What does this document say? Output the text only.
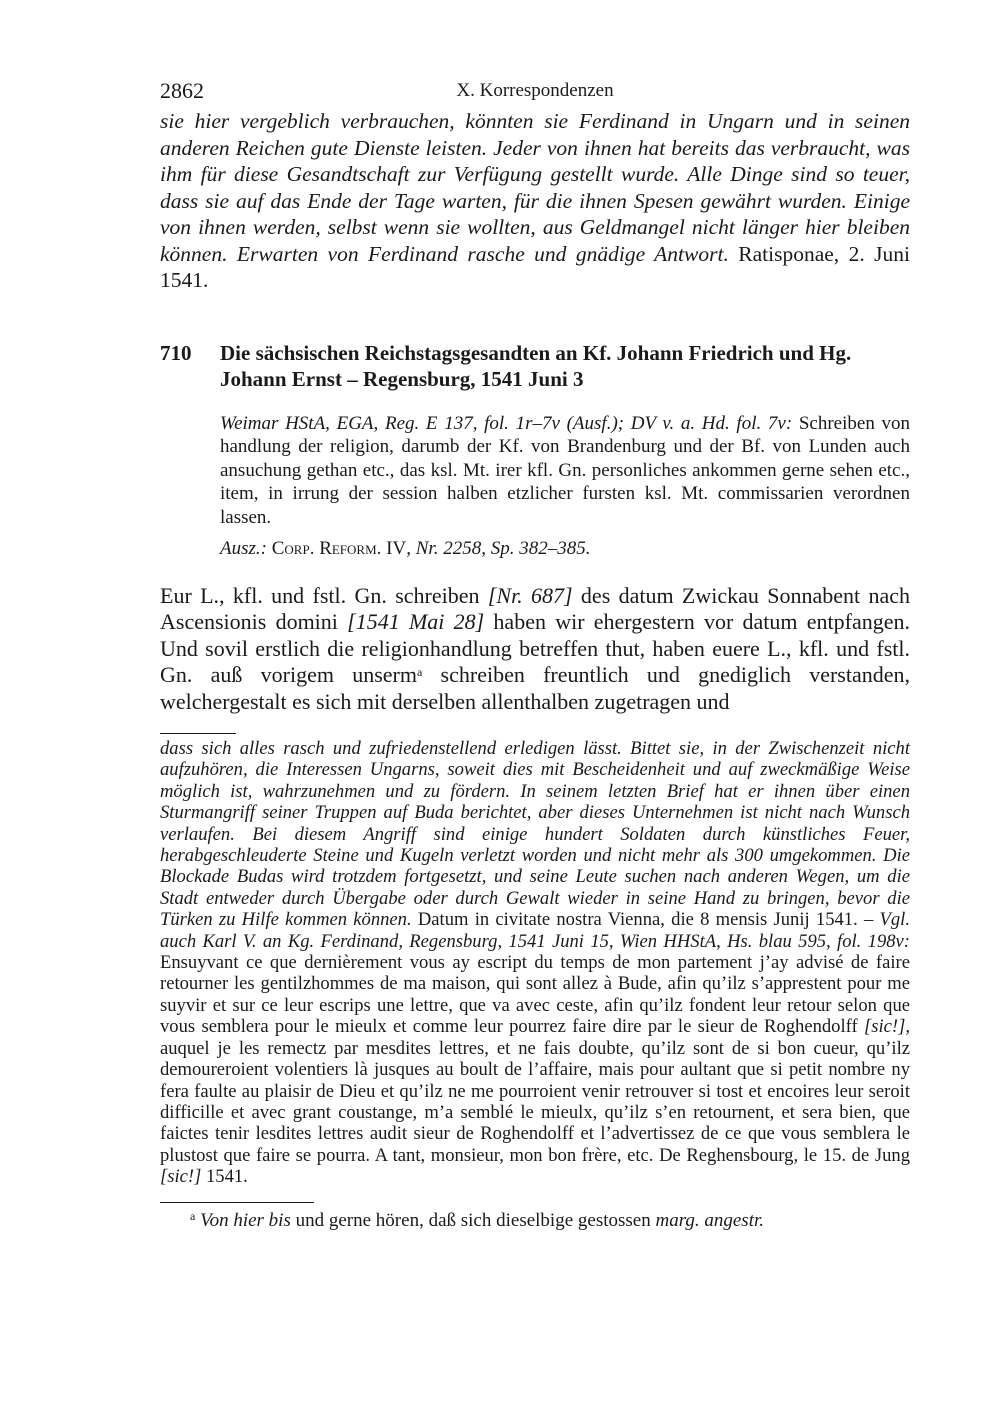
2862	X. Korrespondenzen

sie hier vergeblich verbrauchen, könnten sie Ferdinand in Ungarn und in seinen anderen Reichen gute Dienste leisten. Jeder von ihnen hat bereits das verbraucht, was ihm für diese Gesandtschaft zur Verfügung gestellt wurde. Alle Dinge sind so teuer, dass sie auf das Ende der Tage warten, für die ihnen Spesen gewährt wurden. Einige von ihnen werden, selbst wenn sie wollten, aus Geldmangel nicht länger hier bleiben können. Erwarten von Ferdinand rasche und gnädige Antwort. Ratisponae, 2. Juni 1541.

710	Die sächsischen Reichstagsgesandten an Kf. Johann Friedrich und Hg. Johann Ernst – Regensburg, 1541 Juni 3

Weimar HStA, EGA, Reg. E 137, fol. 1r–7v (Ausf.); DV v. a. Hd. fol. 7v: Schreiben von handlung der religion, darumb der Kf. von Brandenburg und der Bf. von Lunden auch ansuchung gethan etc., das ksl. Mt. irer kfl. Gn. personliches ankommen gerne sehen etc., item, in irrung der session halben etzlicher fursten ksl. Mt. commissarien verordnen lassen.

Ausz.: Corp. Reform. IV, Nr. 2258, Sp. 382–385.

Eur L., kfl. und fstl. Gn. schreiben [Nr. 687] des datum Zwickau Sonnabent nach Ascensionis domini [1541 Mai 28] haben wir ehergestern vor datum entpfangen. Und sovil erstlich die religionhandlung betreffen thut, haben euere L., kfl. und fstl. Gn. auß vorigem unserm$^a$ schreiben freuntlich und gnediglich verstanden, welchergestalt es sich mit derselben allenthalben zugetragen und

dass sich alles rasch und zufriedenstellend erledigen lässt. Bittet sie, in der Zwischenzeit nicht aufzuhören, die Interessen Ungarns, soweit dies mit Bescheidenheit und auf zweckmäßige Weise möglich ist, wahrzunehmen und zu fördern. In seinem letzten Brief hat er ihnen über einen Sturmangriff seiner Truppen auf Buda berichtet, aber dieses Unternehmen ist nicht nach Wunsch verlaufen. Bei diesem Angriff sind einige hundert Soldaten durch künstliches Feuer, herabgeschleuderte Steine und Kugeln verletzt worden und nicht mehr als 300 umgekommen. Die Blockade Budas wird trotzdem fortgesetzt, und seine Leute suchen nach anderen Wegen, um die Stadt entweder durch Übergabe oder durch Gewalt wieder in seine Hand zu bringen, bevor die Türken zu Hilfe kommen können. Datum in civitate nostra Vienna, die 8 mensis Junij 1541. – Vgl. auch Karl V. an Kg. Ferdinand, Regensburg, 1541 Juni 15, Wien HHStA, Hs. blau 595, fol. 198v: Ensuyvant ce que dernièrement vous ay escript du temps de mon partement j’ay advisé de faire retourner les gentilzhommes de ma maison, qui sont allez à Bude, afin qu’ilz s’apprestent pour me suyvir et sur ce leur escrips une lettre, que va avec ceste, afin qu’ilz fondent leur retour selon que vous semblera pour le mieulx et comme leur pourrez faire dire par le sieur de Roghendolff [sic!], auquel je les remectz par mesdites lettres, et ne fais doubte, qu’ilz sont de si bon cueur, qu’ilz demoureroient volentiers là jusques au boult de l’affaire, mais pour aultant que si petit nombre ny fera faulte au plaisir de Dieu et qu’ilz ne me pourroient venir retrouver si tost et encoires leur seroit difficille et avec grant coustange, m’a semblé le mieulx, qu’ilz s’en retournent, et sera bien, que faictes tenir lesdites lettres audit sieur de Roghendolff et l’advertissez de ce que vous semblera le plustost que faire se pourra. A tant, monsieur, mon bon frère, etc. De Reghensbourg, le 15. de Jung [sic!] 1541.

$^a$ Von hier bis und gerne hören, daß sich dieselbige gestossen marg. angestr.
